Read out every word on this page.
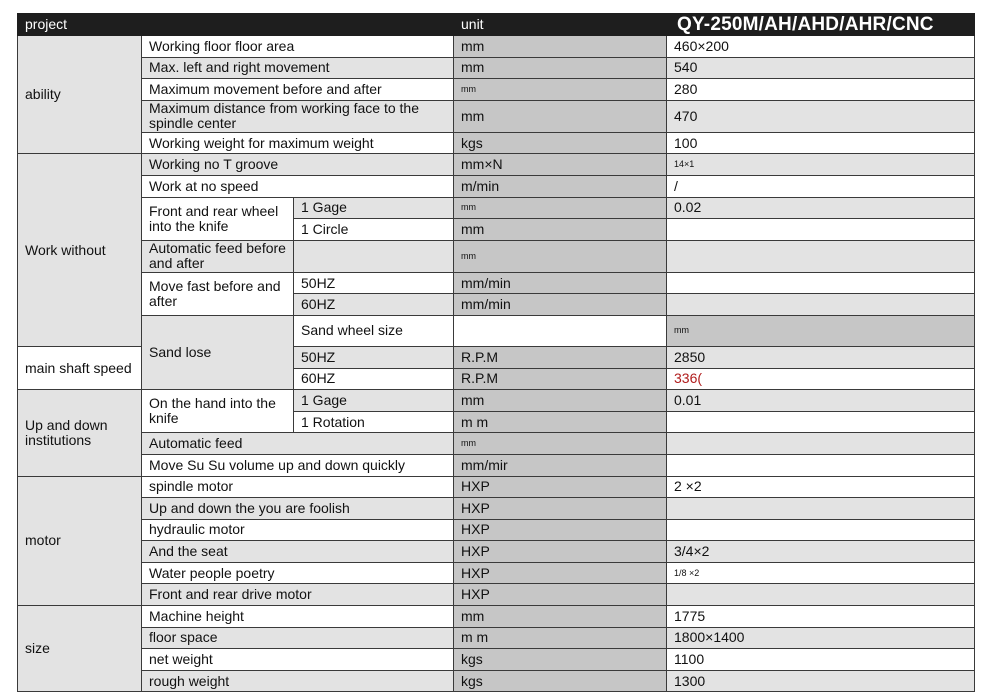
project			unit	QY-250M/AH/AHD/AHR/CNC	
ability	Working floor floor area		mm	460×200	
	Max. left and right movement		mm	540	
	Maximum movement before and after		mm	280	
	Maximum distance from working face to the spindle center		mm	470	
	Working weight for maximum weight		kgs	100	
Work without	Working no T groove		mm×N	14×1	
	Work at no speed		m/min	/	
	Front and rear wheel into the knife	1 Gage	mm	0.02	
		1 Circle	mm		
	Automatic feed before and after		mm		
	Move fast before and after	50HZ	mm/min		
		60HZ	mm/min		
	Sand lose	Sand wheel size		mm	
main shaft speed		50HZ	R.P.M	2850	
		60HZ	R.P.M	336(	
Up and down institutions	On the hand into the knife	1 Gage	mm	0.01	
		1 Rotation	m m		
	Automatic feed		mm		
	Move Su Su volume up and down quickly		mm/mir		
motor	spindle motor		HXP	2 ×2	
	Up and down the you are foolish		HXP		
	hydraulic motor		HXP		
	And the seat		HXP	3/4×2	
	Water people poetry		HXP	1/8 ×2	
	Front and rear drive motor		HXP		
size	Machine height		mm	1775	
	floor space		m m	1800×1400	
	net weight		kgs	1100	
	rough weight		kgs	1300	
